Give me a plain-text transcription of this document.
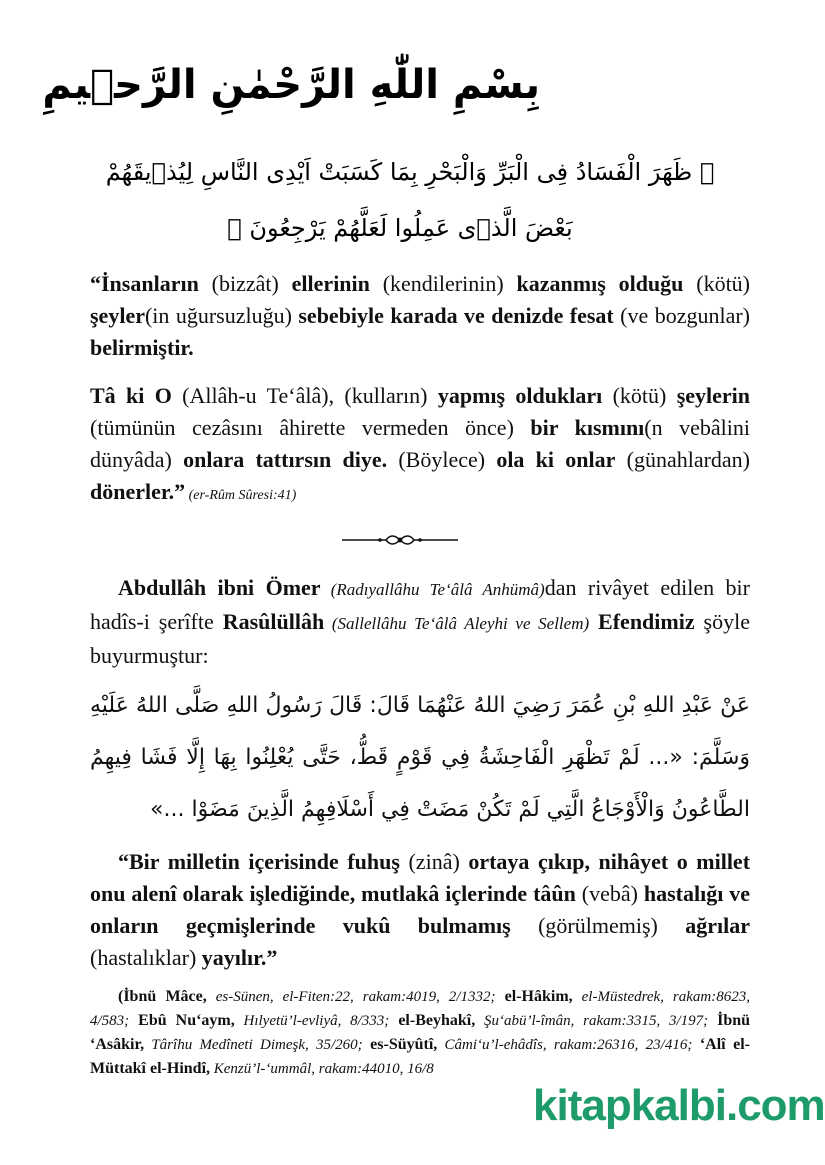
بِسْمِ اللّٰهِ الرَّحْمٰنِ الرَّح۪يمِ
﴿ ظَهَرَ الْفَسَادُ فِى الْبَرِّ وَالْبَحْرِ بِمَا كَسَبَتْ اَيْدِى النَّاسِ لِيُذ۪يقَهُمْ
بَعْضَ الَّذ۪ى عَمِلُوا لَعَلَّهُمْ يَرْجِعُونَ ﴾
“İnsanların (bizzât) ellerinin (kendilerinin) kazanmış olduğu (kötü) şeyler(in uğursuzluğu) sebebiyle karada ve denizde fesat (ve bozgunlar) belirmiştir.
Tâ ki O (Allâh-u Te‘âlâ), (kulların) yapmış oldukları (kötü) şeylerin (tümünün cezâsını âhirette vermeden önce) bir kısmını(n vebâlini dünyâda) onlara tattırsın diye. (Böylece) ola ki onlar (günahlardan) dönerler.” (er-Rûm Sûresi:41)
Abdullâh ibni Ömer (Radıyallâhu Te‘âlâ Anhümâ)dan rivâyet edilen bir hadîs-i şerîfte Rasûlüllâh (Sallellâhu Te‘âlâ Aleyhi ve Sellem) Efendimiz şöyle buyurmuştur:
عَنْ عَبْدِ اللهِ بْنِ عُمَرَ رَضِيَ اللهُ عَنْهُمَا قَالَ: قَالَ رَسُولُ اللهِ صَلَّى اللهُ عَلَيْهِ وَسَلَّمَ: «... لَمْ تَظْهَرِ الْفَاحِشَةُ فِي قَوْمٍ قَطُّ، حَتَّى يُعْلِنُوا بِهَا إِلَّا فَشَا فِيهِمُ الطَّاعُونُ وَالْأَوْجَاعُ الَّتِي لَمْ تَكُنْ مَضَتْ فِي أَسْلَافِهِمُ الَّذِينَ مَضَوْا ...»
“Bir milletin içerisinde fuhuş (zinâ) ortaya çıkıp, nihâyet o millet onu alenî olarak işlediğinde, mutlakâ içlerinde tâûn (vebâ) hastalığı ve onların geçmişlerinde vukû bulmamış (görülmemiş) ağrılar (hastalıklar) yayılır.”
(İbnü Mâce, es-Sünen, el-Fiten:22, rakam:4019, 2/1332; el-Hâkim, el-Müstedrek, rakam:8623, 4/583; Ebû Nu‘aym, Hılyetü’l-evliyâ, 8/333; el-Beyhakî, Şu‘abü’l-îmân, rakam:3315, 3/197; İbnü ‘Asâkir, Târîhu Medîneti Dimeşk, 35/260; es-Süyûtî, Câmi‘u’l-ehâdîs, rakam:26316, 23/416; ‘Alî el-Müttakî el-Hindî, Kenzü’l-‘ummâl, rakam:44010, 16/8
kitapkalbi.com
